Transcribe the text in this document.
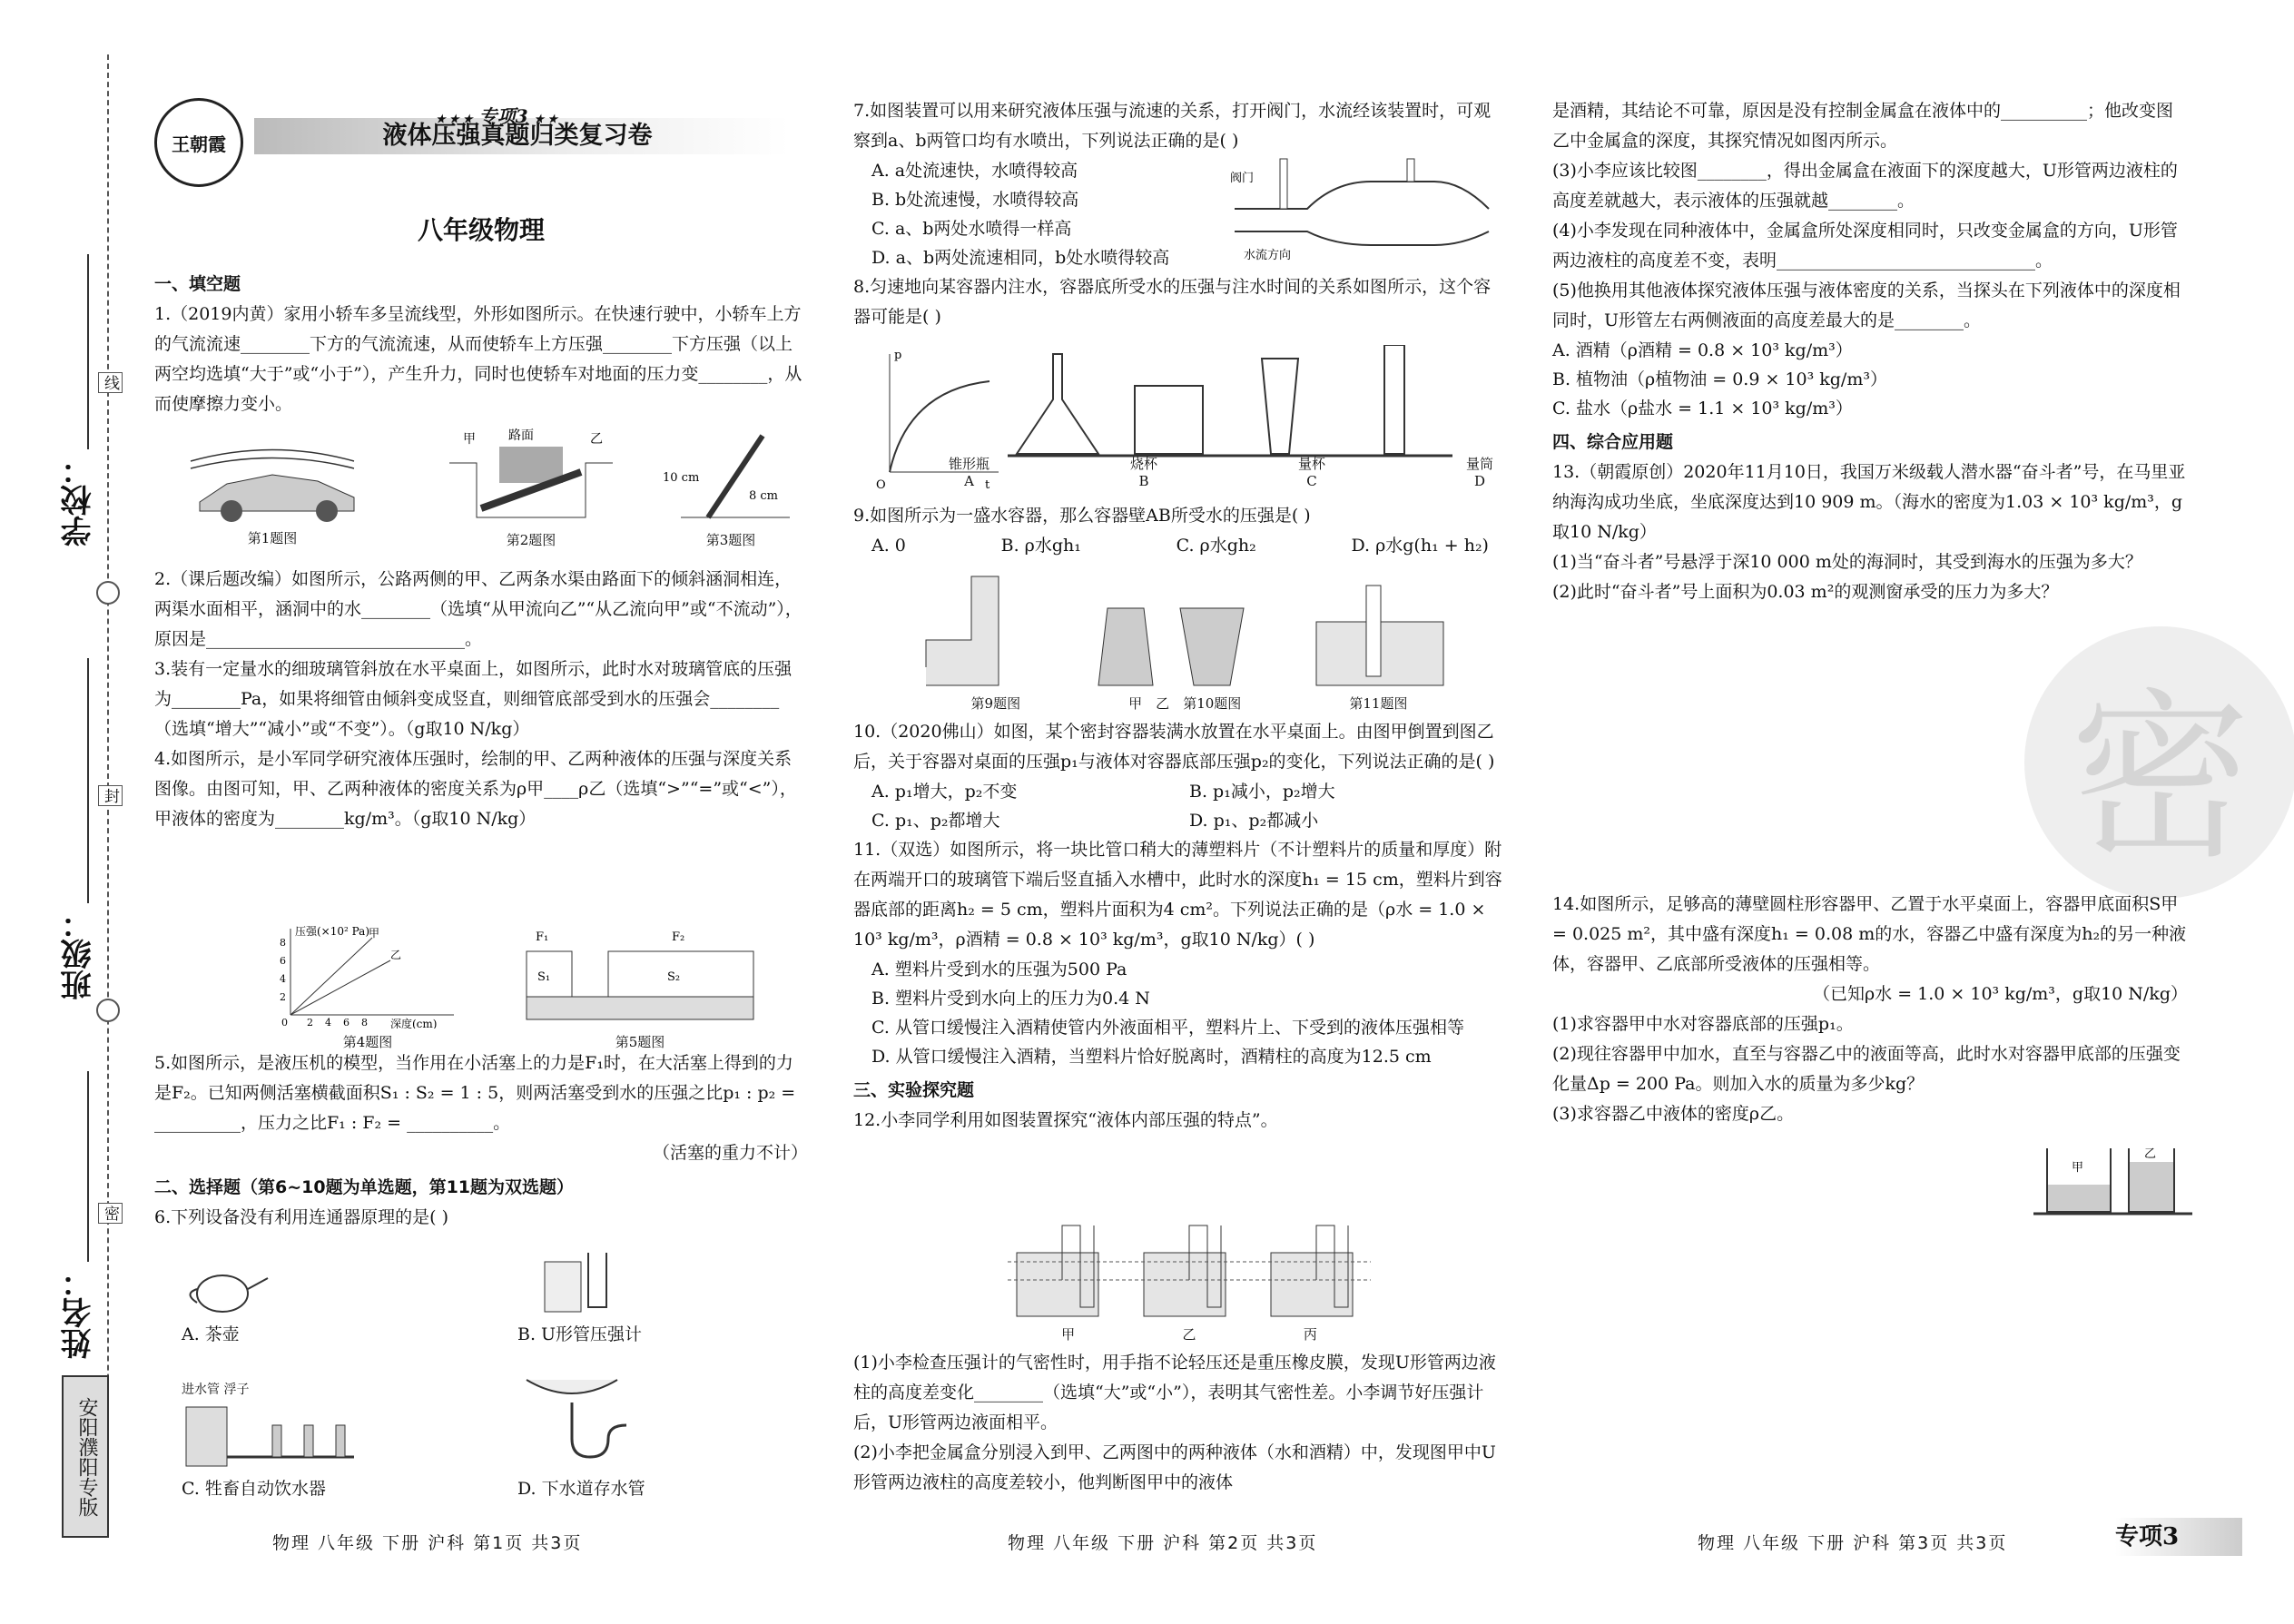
线
封
密
学校：
班级：
姓名：
安阳濮阳专版
王朝霞	液体压强真题归类复习卷
★ ★ ★ 专项3 ★ ★
八年级物理

一、填空题

1.（2019内黄）家用小轿车多呈流线型，外形如图所示。在快速行驶中，小轿车上方的气流流速________下方的气流流速，从而使轿车上方压强________下方压强（以上两空均选填“大于”或“小于”），产生升力，同时也使轿车对地面的压力变________，从而使摩擦力变小。

第1题图
路面
甲	乙
第2题图
10 cm
8 cm
第3题图

2.（课后题改编）如图所示，公路两侧的甲、乙两条水渠由路面下的倾斜涵洞相连，两渠水面相平，涵洞中的水________（选填“从甲流向乙”“从乙流向甲”或“不流动”），原因是______________________________。

3.装有一定量水的细玻璃管斜放在水平桌面上，如图所示，此时水对玻璃管底的压强为________Pa，如果将细管由倾斜变成竖直，则细管底部受到水的压强会________（选填“增大”“减小”或“不变”）。（g取10 N/kg）

4.如图所示，是小军同学研究液体压强时，绘制的甲、乙两种液体的压强与深度关系图像。由图可知，甲、乙两种液体的密度关系为ρ甲____ρ乙（选填“>”“=”或“<”），甲液体的密度为________kg/m³。（g取10 N/kg）

压强(×10² Pa)
深度(cm)
甲
乙
8
6
4
2
0 2 4 6 8
第4题图
F₁	F₂
S₁	S₂
第5题图

5.如图所示，是液压机的模型，当作用在小活塞上的力是F₁时，在大活塞上得到的力是F₂。已知两侧活塞横截面积S₁ : S₂ = 1 : 5，则两活塞受到水的压强之比p₁ : p₂ = __________，压力之比F₁ : F₂ = __________。

（活塞的重力不计）

二、选择题（第6~10题为单选题，第11题为双选题）

6.下列设备没有利用连通器原理的是( )

A. 茶壶	B. U形管压强计
进水管 浮子
C. 牲畜自动饮水器	D. 下水道存水管
物理 八年级 下册 沪科 第1页 共3页

7.如图装置可以用来研究液体压强与流速的关系，打开阀门，水流经该装置时，可观察到a、b两管口均有水喷出，下列说法正确的是( )

A. a处流速快，水喷得较高

B. b处流速慢，水喷得较高

C. a、b两处水喷得一样高

D. a、b两处流速相同，b处水喷得较高

阀门
水流方向

8.匀速地向某容器内注水，容器底所受水的压强与注水时间的关系如图所示，这个容器可能是( )

p
t
O
锥形瓶
A
烧杯
B
量杯
C
量筒
D

9.如图所示为一盛水容器，那么容器壁AB所受水的压强是( )

A. 0	B. ρ水gh₁	C. ρ水gh₂	D. ρ水g(h₁ + h₂)
第9题图	甲　 乙　 第10题图	第11题图

10.（2020佛山）如图，某个密封容器装满水放置在水平桌面上。由图甲倒置到图乙后，关于容器对桌面的压强p₁与液体对容器底部压强p₂的变化，下列说法正确的是( )

A. p₁增大，p₂不变	B. p₁减小，p₂增大
C. p₁、p₂都增大	D. p₁、p₂都减小

11.（双选）如图所示，将一块比管口稍大的薄塑料片（不计塑料片的质量和厚度）附在两端开口的玻璃管下端后竖直插入水槽中，此时水的深度h₁ = 15 cm，塑料片到容器底部的距离h₂ = 5 cm，塑料片面积为4 cm²。下列说法正确的是（ρ水 = 1.0 × 10³ kg/m³，ρ酒精 = 0.8 × 10³ kg/m³，g取10 N/kg）( )

A. 塑料片受到水的压强为500 Pa

B. 塑料片受到水向上的压力为0.4 N

C. 从管口缓慢注入酒精使管内外液面相平，塑料片上、下受到的液体压强相等

D. 从管口缓慢注入酒精，当塑料片恰好脱离时，酒精柱的高度为12.5 cm

三、实验探究题

12.小李同学利用如图装置探究“液体内部压强的特点”。

甲	乙	丙

(1)小李检查压强计的气密性时，用手指不论轻压还是重压橡皮膜，发现U形管两边液柱的高度差变化________（选填“大”或“小”），表明其气密性差。小李调节好压强计后，U形管两边液面相平。

(2)小李把金属盒分别浸入到甲、乙两图中的两种液体（水和酒精）中，发现图甲中U形管两边液柱的高度差较小，他判断图甲中的液体

物理 八年级 下册 沪科 第2页 共3页

是酒精，其结论不可靠，原因是没有控制金属盒在液体中的__________；他改变图乙中金属盒的深度，其探究情况如图丙所示。

(3)小李应该比较图________，得出金属盒在液面下的深度越大，U形管两边液柱的高度差就越大，表示液体的压强就越________。

(4)小李发现在同种液体中，金属盒所处深度相同时，只改变金属盒的方向，U形管两边液柱的高度差不变，表明______________________________。

(5)他换用其他液体探究液体压强与液体密度的关系，当探头在下列液体中的深度相同时，U形管左右两侧液面的高度差最大的是________。

A. 酒精（ρ酒精 = 0.8 × 10³ kg/m³）

B. 植物油（ρ植物油 = 0.9 × 10³ kg/m³）

C. 盐水（ρ盐水 = 1.1 × 10³ kg/m³）

四、综合应用题

13.（朝霞原创）2020年11月10日，我国万米级载人潜水器“奋斗者”号，在马里亚纳海沟成功坐底，坐底深度达到10 909 m。（海水的密度为1.03 × 10³ kg/m³，g取10 N/kg）

(1)当“奋斗者”号悬浮于深10 000 m处的海洞时，其受到海水的压强为多大？

(2)此时“奋斗者”号上面积为0.03 m²的观测窗承受的压力为多大？

密

14.如图所示，足够高的薄壁圆柱形容器甲、乙置于水平桌面上，容器甲底面积S甲 = 0.025 m²，其中盛有深度h₁ = 0.08 m的水，容器乙中盛有深度为h₂的另一种液体，容器甲、乙底部所受液体的压强相等。

（已知ρ水 = 1.0 × 10³ kg/m³，g取10 N/kg）

(1)求容器甲中水对容器底部的压强p₁。

(2)现往容器甲中加水，直至与容器乙中的液面等高，此时水对容器甲底部的压强变化量Δp = 200 Pa。则加入水的质量为多少kg？

(3)求容器乙中液体的密度ρ乙。

甲
乙
物理 八年级 下册 沪科 第3页 共3页	专项3
